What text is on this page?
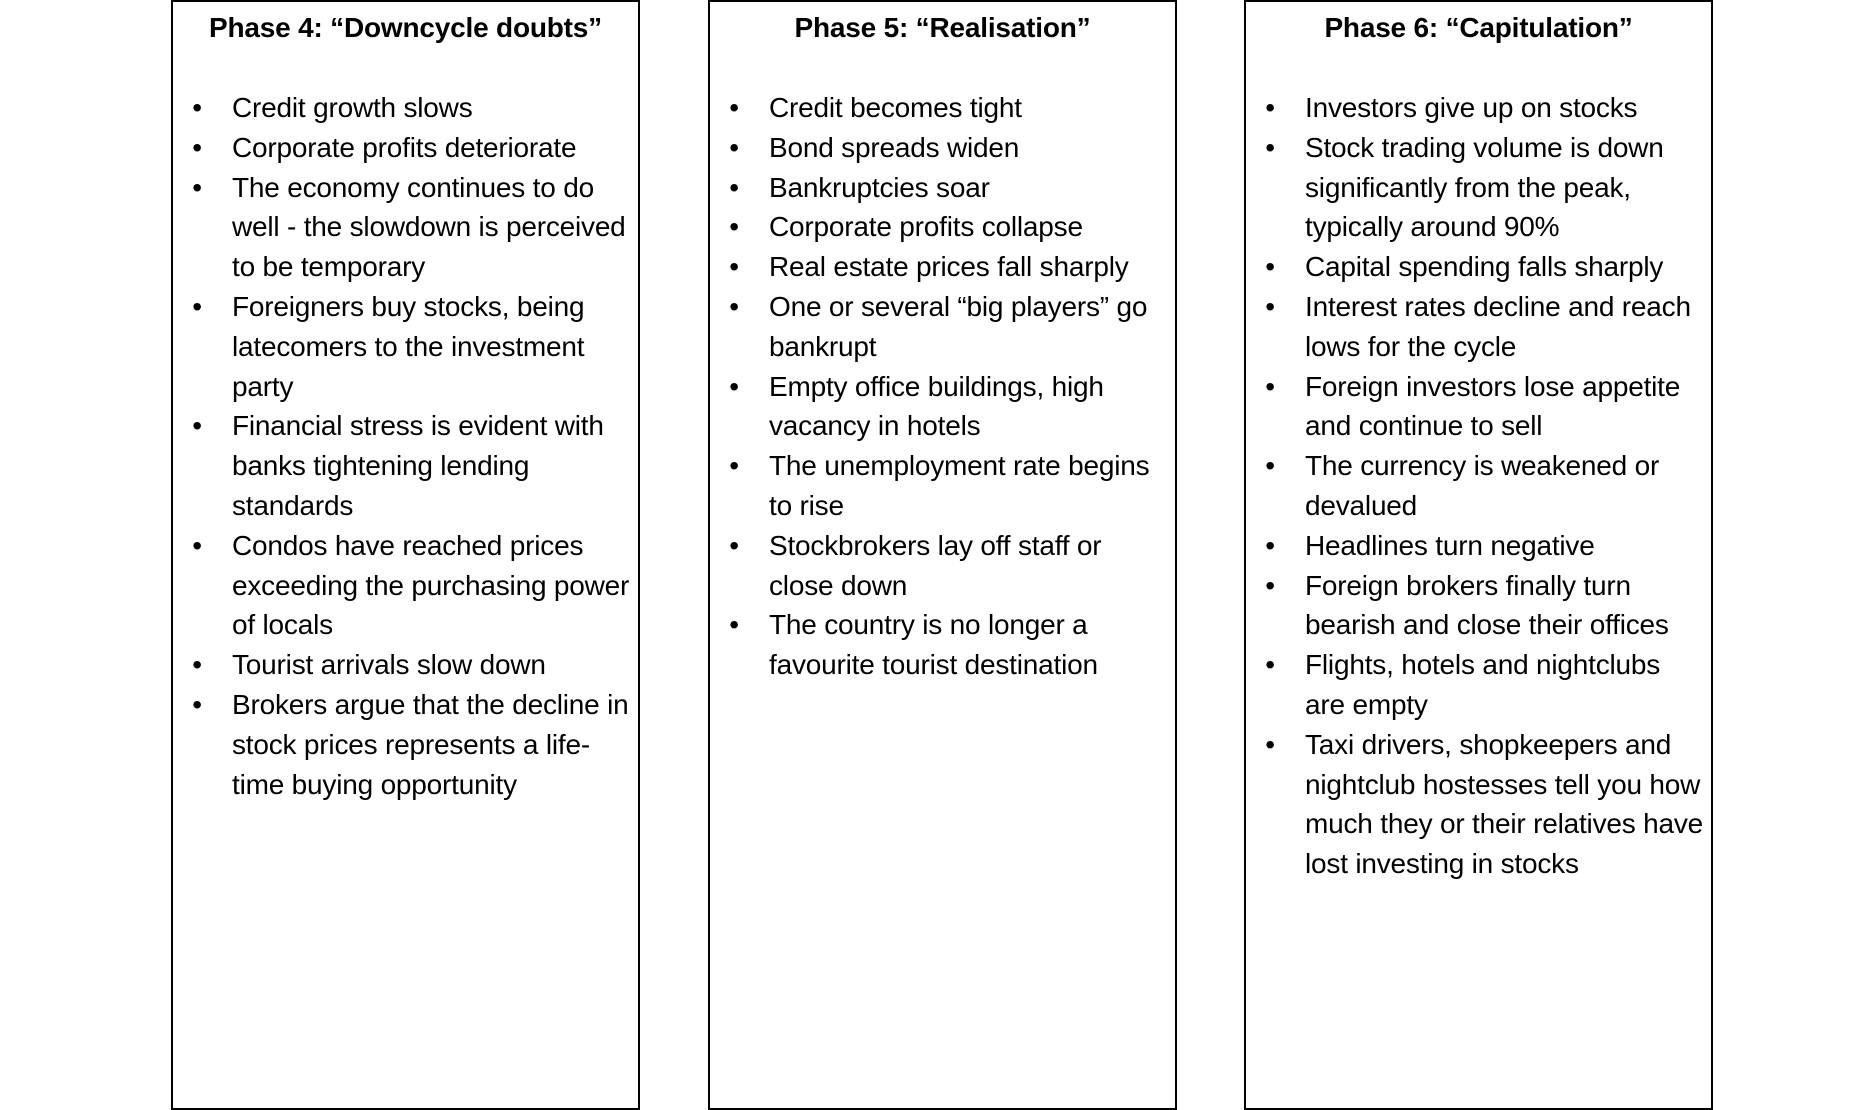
Phase 4: “Downcycle doubts”
• Credit growth slows
• Corporate profits deteriorate
• The economy continues to do well - the slowdown is perceived to be temporary
• Foreigners buy stocks, being latecomers to the investment party
• Financial stress is evident with banks tightening lending standards
• Condos have reached prices exceeding the purchasing power of locals
• Tourist arrivals slow down
• Brokers argue that the decline in stock prices represents a life-time buying opportunity
Phase 5: “Realisation”
• Credit becomes tight
• Bond spreads widen
• Bankruptcies soar
• Corporate profits collapse
• Real estate prices fall sharply
• One or several “big players” go bankrupt
• Empty office buildings, high vacancy in hotels
• The unemployment rate begins to rise
• Stockbrokers lay off staff or close down
• The country is no longer a favourite tourist destination
Phase 6: “Capitulation”
• Investors give up on stocks
• Stock trading volume is down significantly from the peak, typically around 90%
• Capital spending falls sharply
• Interest rates decline and reach lows for the cycle
• Foreign investors lose appetite and continue to sell
• The currency is weakened or devalued
• Headlines turn negative
• Foreign brokers finally turn bearish and close their offices
• Flights, hotels and nightclubs are empty
• Taxi drivers, shopkeepers and nightclub hostesses tell you how much they or their relatives have lost investing in stocks
